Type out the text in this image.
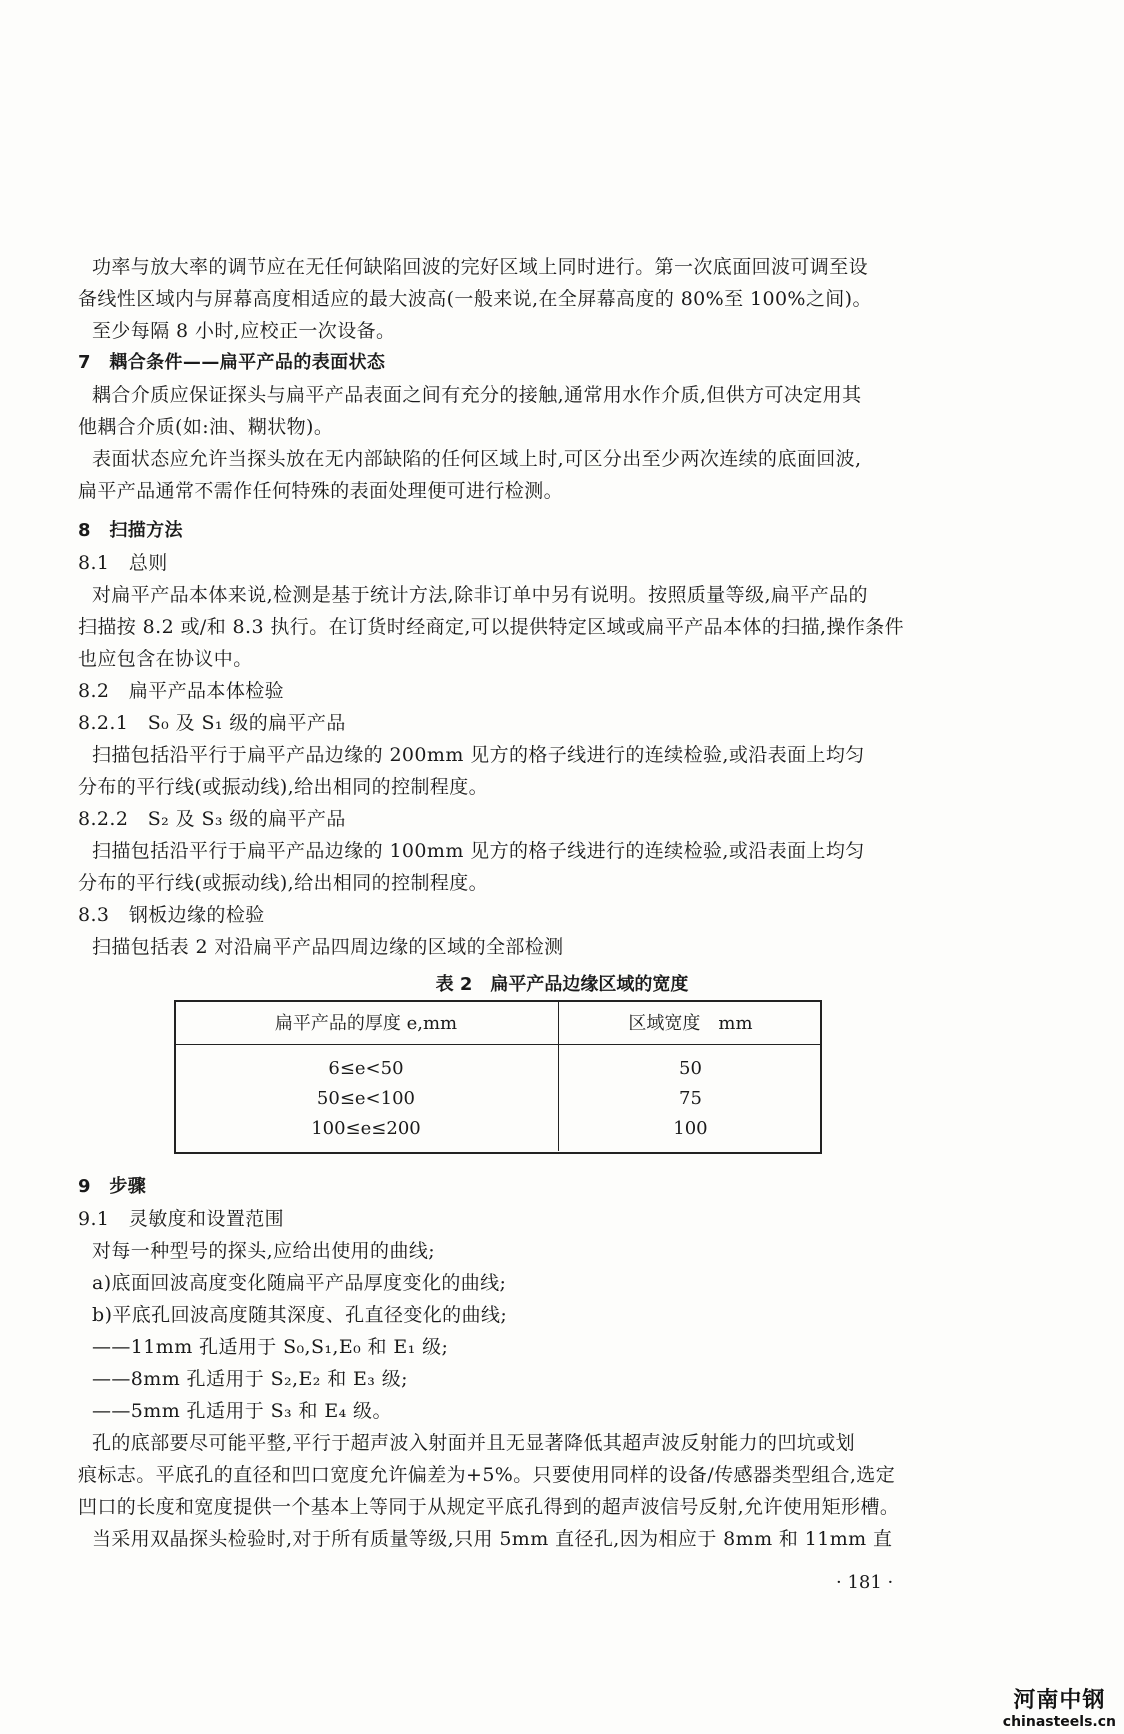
功率与放大率的调节应在无任何缺陷回波的完好区域上同时进行。第一次底面回波可调至设
备线性区域内与屏幕高度相适应的最大波高(一般来说,在全屏幕高度的 80%至 100%之间)。
至少每隔 8 小时,应校正一次设备。
7　耦合条件——扁平产品的表面状态
耦合介质应保证探头与扁平产品表面之间有充分的接触,通常用水作介质,但供方可决定用其
他耦合介质(如:油、糊状物)。
表面状态应允许当探头放在无内部缺陷的任何区域上时,可区分出至少两次连续的底面回波,
扁平产品通常不需作任何特殊的表面处理便可进行检测。
8　扫描方法
8.1　总则
对扁平产品本体来说,检测是基于统计方法,除非订单中另有说明。按照质量等级,扁平产品的
扫描按 8.2 或/和 8.3 执行。在订货时经商定,可以提供特定区域或扁平产品本体的扫描,操作条件
也应包含在协议中。
8.2　扁平产品本体检验
8.2.1　S₀ 及 S₁ 级的扁平产品
扫描包括沿平行于扁平产品边缘的 200mm 见方的格子线进行的连续检验,或沿表面上均匀
分布的平行线(或振动线),给出相同的控制程度。
8.2.2　S₂ 及 S₃ 级的扁平产品
扫描包括沿平行于扁平产品边缘的 100mm 见方的格子线进行的连续检验,或沿表面上均匀
分布的平行线(或振动线),给出相同的控制程度。
8.3　钢板边缘的检验
扫描包括表 2 对沿扁平产品四周边缘的区域的全部检测
表 2　扁平产品边缘区域的宽度
扁平产品的厚度 e,mm	区域宽度　mm
6≤e<50	50
50≤e<100	75
100≤e≤200	100
9　步骤
9.1　灵敏度和设置范围
对每一种型号的探头,应给出使用的曲线;
a)底面回波高度变化随扁平产品厚度变化的曲线;
b)平底孔回波高度随其深度、孔直径变化的曲线;
——11mm 孔适用于 S₀,S₁,E₀ 和 E₁ 级;
——8mm 孔适用于 S₂,E₂ 和 E₃ 级;
——5mm 孔适用于 S₃ 和 E₄ 级。
孔的底部要尽可能平整,平行于超声波入射面并且无显著降低其超声波反射能力的凹坑或划
痕标志。平底孔的直径和凹口宽度允许偏差为+5%。只要使用同样的设备/传感器类型组合,选定
凹口的长度和宽度提供一个基本上等同于从规定平底孔得到的超声波信号反射,允许使用矩形槽。
当采用双晶探头检验时,对于所有质量等级,只用 5mm 直径孔,因为相应于 8mm 和 11mm 直
· 181 ·
河南中钢
chinasteels.cn
